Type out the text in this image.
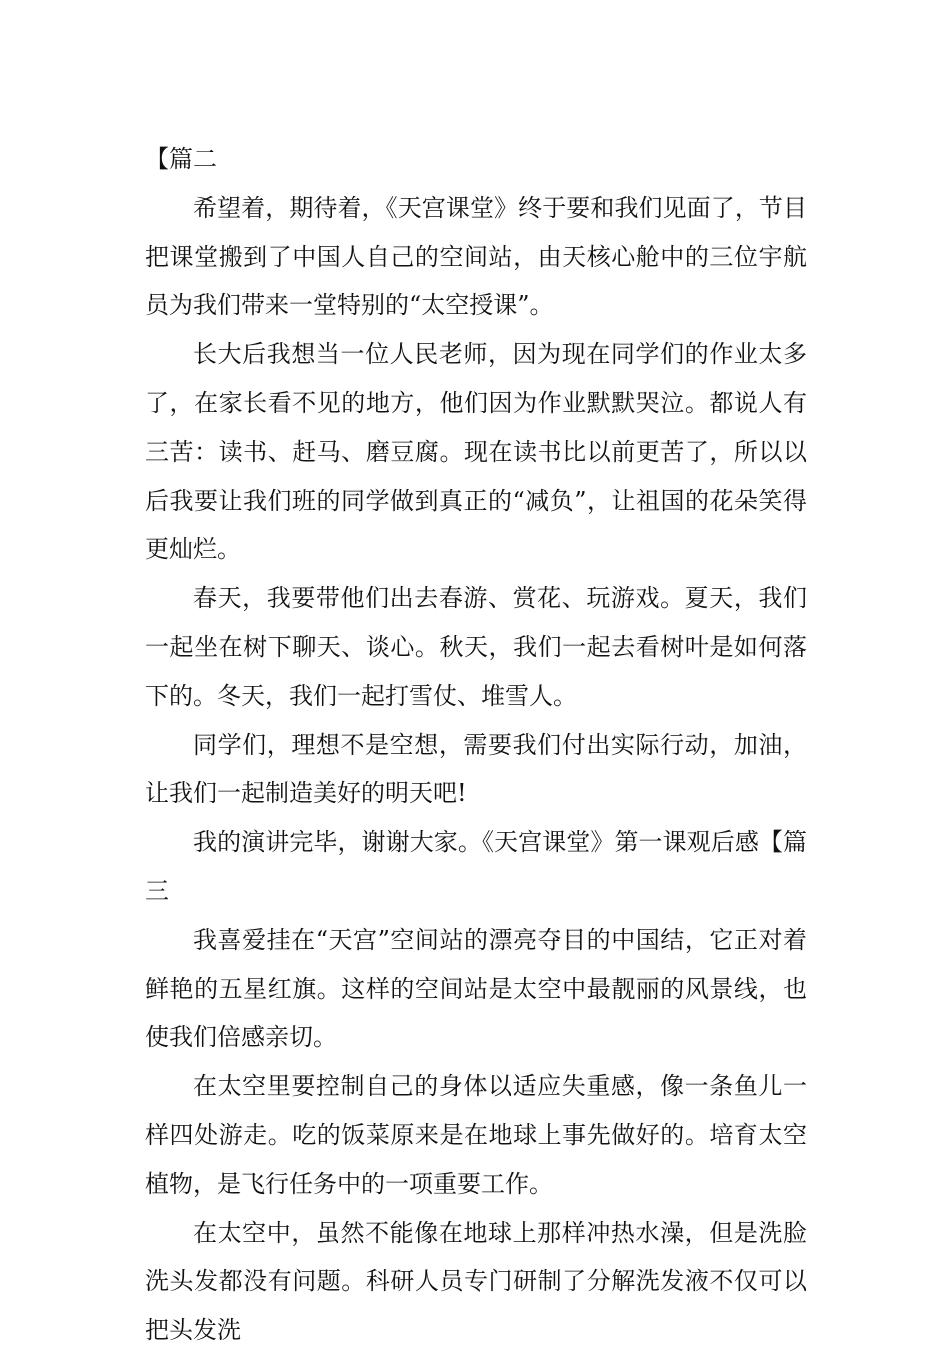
【篇二

希望着，期待着，《天宫课堂》终于要和我们见面了，节目把课堂搬到了中国人自己的空间站，由天核心舱中的三位宇航员为我们带来一堂特别的“太空授课”。

长大后我想当一位人民老师，因为现在同学们的作业太多了，在家长看不见的地方，他们因为作业默默哭泣。都说人有三苦：读书、赶马、磨豆腐。现在读书比以前更苦了，所以以后我要让我们班的同学做到真正的“减负”，让祖国的花朵笑得更灿烂。

春天，我要带他们出去春游、赏花、玩游戏。夏天，我们一起坐在树下聊天、谈心。秋天，我们一起去看树叶是如何落下的。冬天，我们一起打雪仗、堆雪人。

同学们，理想不是空想，需要我们付出实际行动，加油，让我们一起制造美好的明天吧!

我的演讲完毕，谢谢大家。《天宫课堂》第一课观后感【篇三

我喜爱挂在“天宫”空间站的漂亮夺目的中国结，它正对着鲜艳的五星红旗。这样的空间站是太空中最靓丽的风景线，也使我们倍感亲切。

在太空里要控制自己的身体以适应失重感，像一条鱼儿一样四处游走。吃的饭菜原来是在地球上事先做好的。培育太空植物，是飞行任务中的一项重要工作。

在太空中，虽然不能像在地球上那样冲热水澡，但是洗脸洗头发都没有问题。科研人员专门研制了分解洗发液不仅可以把头发洗
